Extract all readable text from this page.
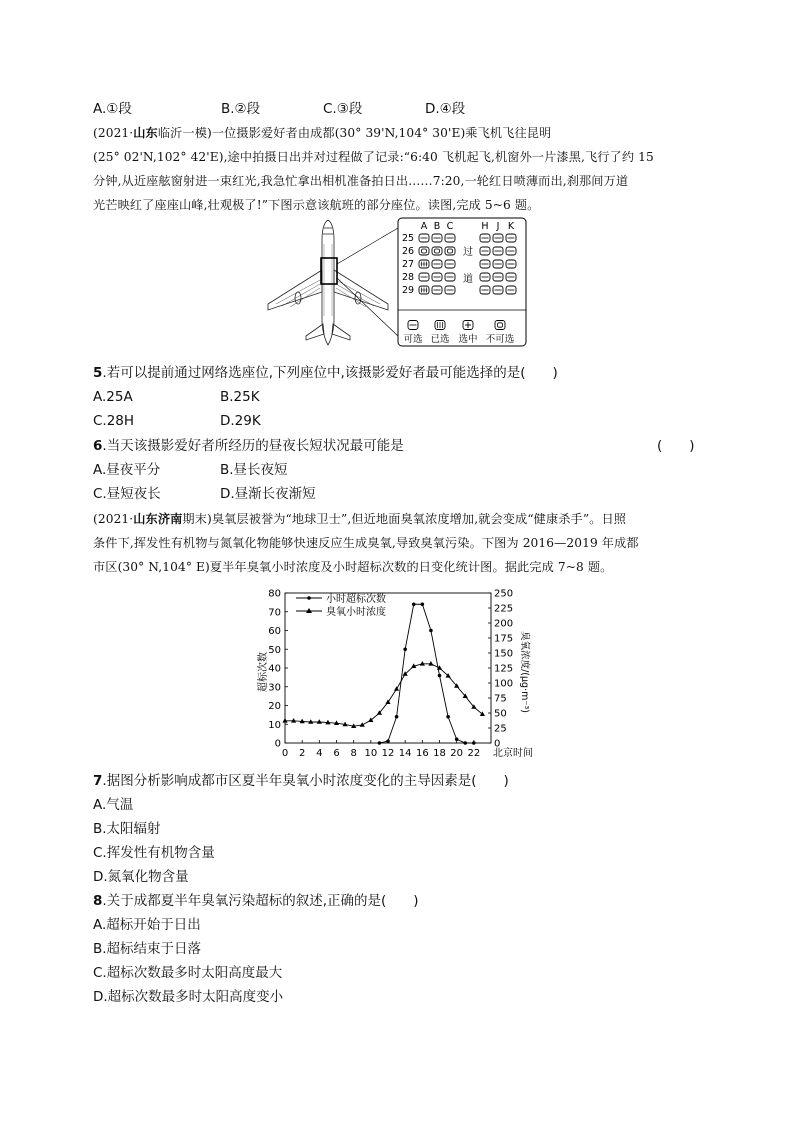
A.①段	B.②段	C.③段	D.④段
(2021·山东临沂一模)一位摄影爱好者由成都(30° 39'N,104° 30'E)乘飞机飞往昆明
(25° 02'N,102° 42'E),途中拍摄日出并对过程做了记录:“6:40 飞机起飞,机窗外一片漆黑,飞行了约 15
分钟,从近座舷窗射进一束红光,我急忙拿出相机准备拍日出……7:20,一轮红日喷薄而出,刹那间万道
光芒映红了座座山峰,壮观极了!”下图示意该航班的部分座位。读图,完成 5~6 题。
A B C	H J K
25
26
27
28
29
过
道
可选 已选 选中 不可选
5.若可以提前通过网络选座位,下列座位中,该摄影爱好者最可能选择的是(　　)
A.25A	B.25K
C.28H	D.29K
6.当天该摄影爱好者所经历的昼夜长短状况最可能是	(　　)
A.昼夜平分	B.昼长夜短
C.昼短夜长	D.昼渐长夜渐短
(2021·山东济南期末)臭氧层被誉为“地球卫士”,但近地面臭氧浓度增加,就会变成“健康杀手”。日照
条件下,挥发性有机物与氮氧化物能够快速反应生成臭氧,导致臭氧污染。下图为 2016—2019 年成都
市区(30° N,104° E)夏半年臭氧小时浓度及小时超标次数的日变化统计图。据此完成 7~8 题。
超标次数	臭氧浓度/(μg·m⁻³)
北京时间
0
10
20
30
40
50
60
70
80
0
25
50
75
100
125
150
175
200
225
250
0 2 4 6 8 10 12 14 16 18 20 22
小时超标次数
臭氧小时浓度
7.据图分析影响成都市区夏半年臭氧小时浓度变化的主导因素是(　　)
A.气温
B.太阳辐射
C.挥发性有机物含量
D.氮氧化物含量
8.关于成都夏半年臭氧污染超标的叙述,正确的是(　　)
A.超标开始于日出
B.超标结束于日落
C.超标次数最多时太阳高度最大
D.超标次数最多时太阳高度变小
